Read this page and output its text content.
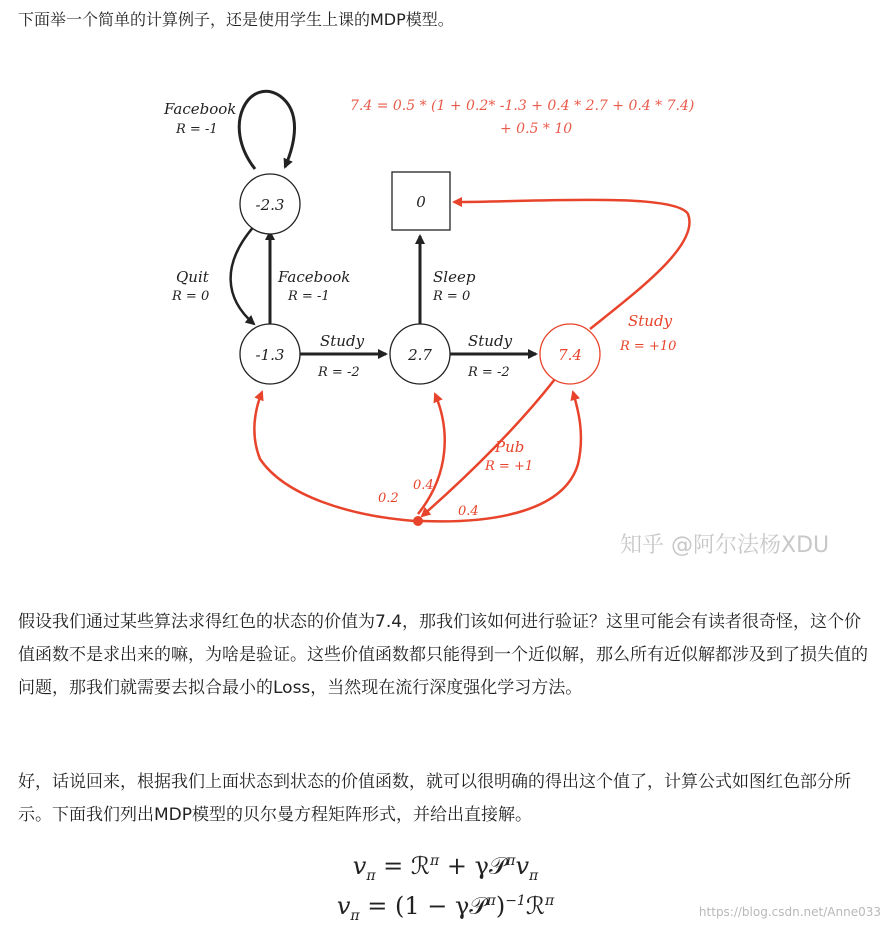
下面举一个简单的计算例子，还是使用学生上课的MDP模型。

-2.3
-1.3	2.7	7.4
0
7.4 = 0.5 * (1 + 0.2* -1.3 + 0.4 * 2.7 + 0.4 * 7.4)
+ 0.5 * 10
Facebook
R = -1
Quit
R = 0
Facebook
R = -1
Sleep
R = 0
Study
R = -2
Study
R = -2
Study
R = +10
Pub
R = +1
0.2
0.4
0.4
知乎 @阿尔法杨XDU

假设我们通过某些算法求得红色的状态的价值为7.4，那我们该如何进行验证？这里可能会有读者很奇怪，这个价值函数不是求出来的嘛，为啥是验证。这些价值函数都只能得到一个近似解，那么所有近似解都涉及到了损失值的问题，那我们就需要去拟合最小的Loss，当然现在流行深度强化学习方法。

好，话说回来，根据我们上面状态到状态的价值函数，就可以很明确的得出这个值了，计算公式如图红色部分所示。下面我们列出MDP模型的贝尔曼方程矩阵形式，并给出直接解。

$v_\pi$ = ℛ$^\pi$ + $\gamma 𝒫^\pi v_\pi$

$v_\pi = (1$ − γ𝒫$^\pi$)$^{-1}$ℛ$^\pi$

https://blog.csdn.net/Anne033
